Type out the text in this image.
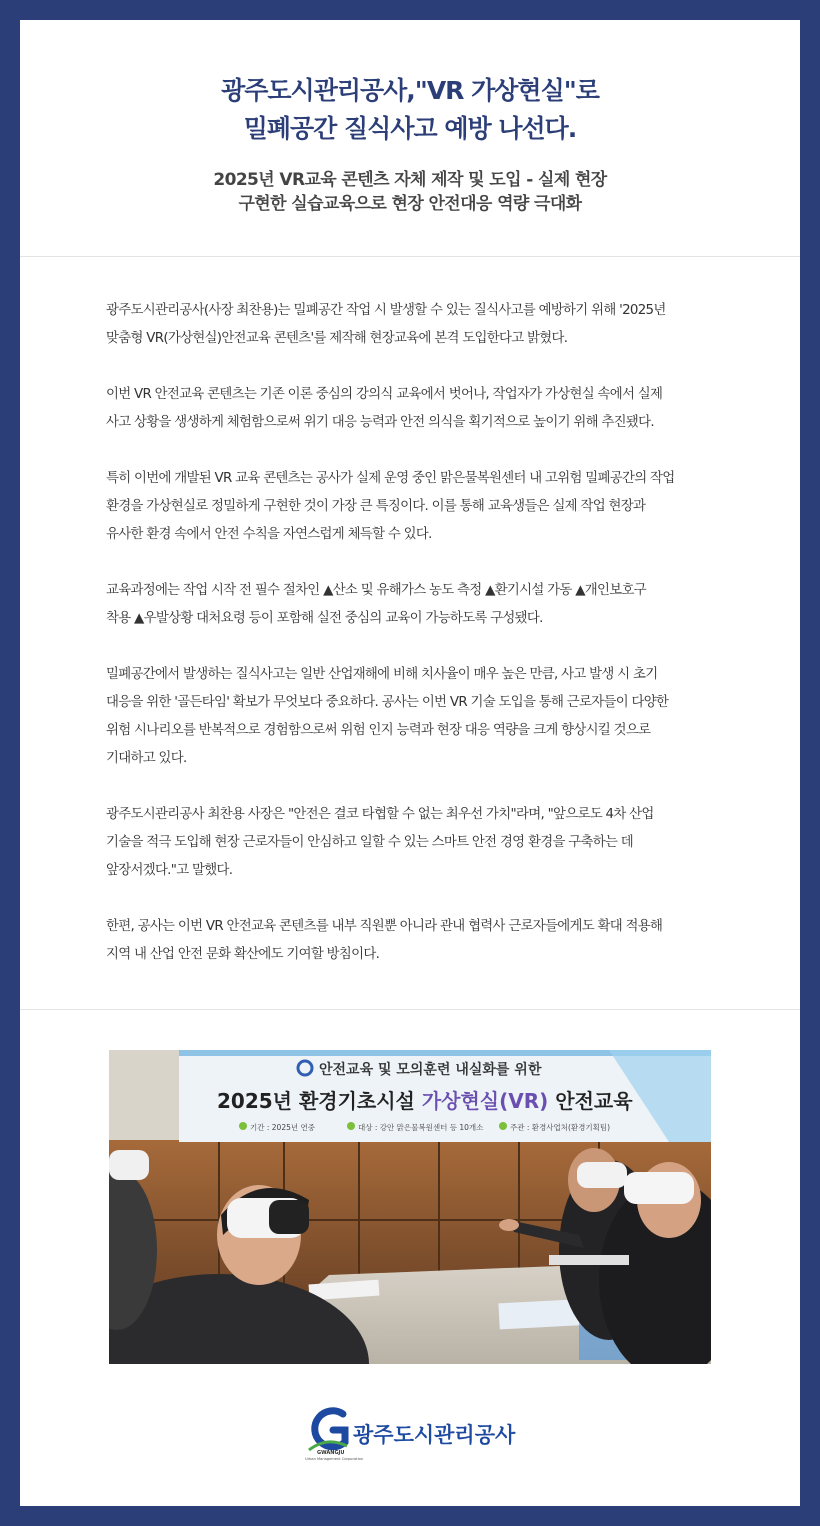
광주도시관리공사,"VR 가상현실"로
밀폐공간 질식사고 예방 나선다.
2025년 VR교육 콘텐츠 자체 제작 및 도입 - 실제 현장
구현한 실습교육으로 현장 안전대응 역량 극대화

광주도시관리공사(사장 최찬용)는 밀폐공간 작업 시 발생할 수 있는 질식사고를 예방하기 위해 '2025년
맞춤형 VR(가상현실)안전교육 콘텐츠'를 제작해 현장교육에 본격 도입한다고 밝혔다.

이번 VR 안전교육 콘텐츠는 기존 이론 중심의 강의식 교육에서 벗어나, 작업자가 가상현실 속에서 실제
사고 상황을 생생하게 체험함으로써 위기 대응 능력과 안전 의식을 획기적으로 높이기 위해 추진됐다.

특히 이번에 개발된 VR 교육 콘텐츠는 공사가 실제 운영 중인 맑은물복원센터 내 고위험 밀폐공간의 작업
환경을 가상현실로 정밀하게 구현한 것이 가장 큰 특징이다. 이를 통해 교육생들은 실제 작업 현장과
유사한 환경 속에서 안전 수칙을 자연스럽게 체득할 수 있다.

교육과정에는 작업 시작 전 필수 절차인 ▲산소 및 유해가스 농도 측정 ▲환기시설 가동 ▲개인보호구
착용 ▲우발상황 대처요령 등이 포함해 실전 중심의 교육이 가능하도록 구성됐다.

밀폐공간에서 발생하는 질식사고는 일반 산업재해에 비해 치사율이 매우 높은 만큼, 사고 발생 시 초기
대응을 위한 '골든타임' 확보가 무엇보다 중요하다. 공사는 이번 VR 기술 도입을 통해 근로자들이 다양한
위험 시나리오를 반복적으로 경험함으로써 위험 인지 능력과 현장 대응 역량을 크게 향상시킬 것으로
기대하고 있다.

광주도시관리공사 최찬용 사장은 "안전은 결코 타협할 수 없는 최우선 가치"라며, "앞으로도 4차 산업
기술을 적극 도입해 현장 근로자들이 안심하고 일할 수 있는 스마트 안전 경영 환경을 구축하는 데
앞장서겠다."고 말했다.

한편, 공사는 이번 VR 안전교육 콘텐츠를 내부 직원뿐 아니라 관내 협력사 근로자들에게도 확대 적용해
지역 내 산업 안전 문화 확산에도 기여할 방침이다.

안전교육 및 모의훈련 내실화를 위한
2025년 환경기초시설 가상현실(VR) 안전교육
기간 : 2025년 연중	대상 : 강안 맑은물복원센터 등 10개소	주관 : 환경사업처(환경기획팀)
광주도시관리공사
GWANGJU
Urban Management Corporation
